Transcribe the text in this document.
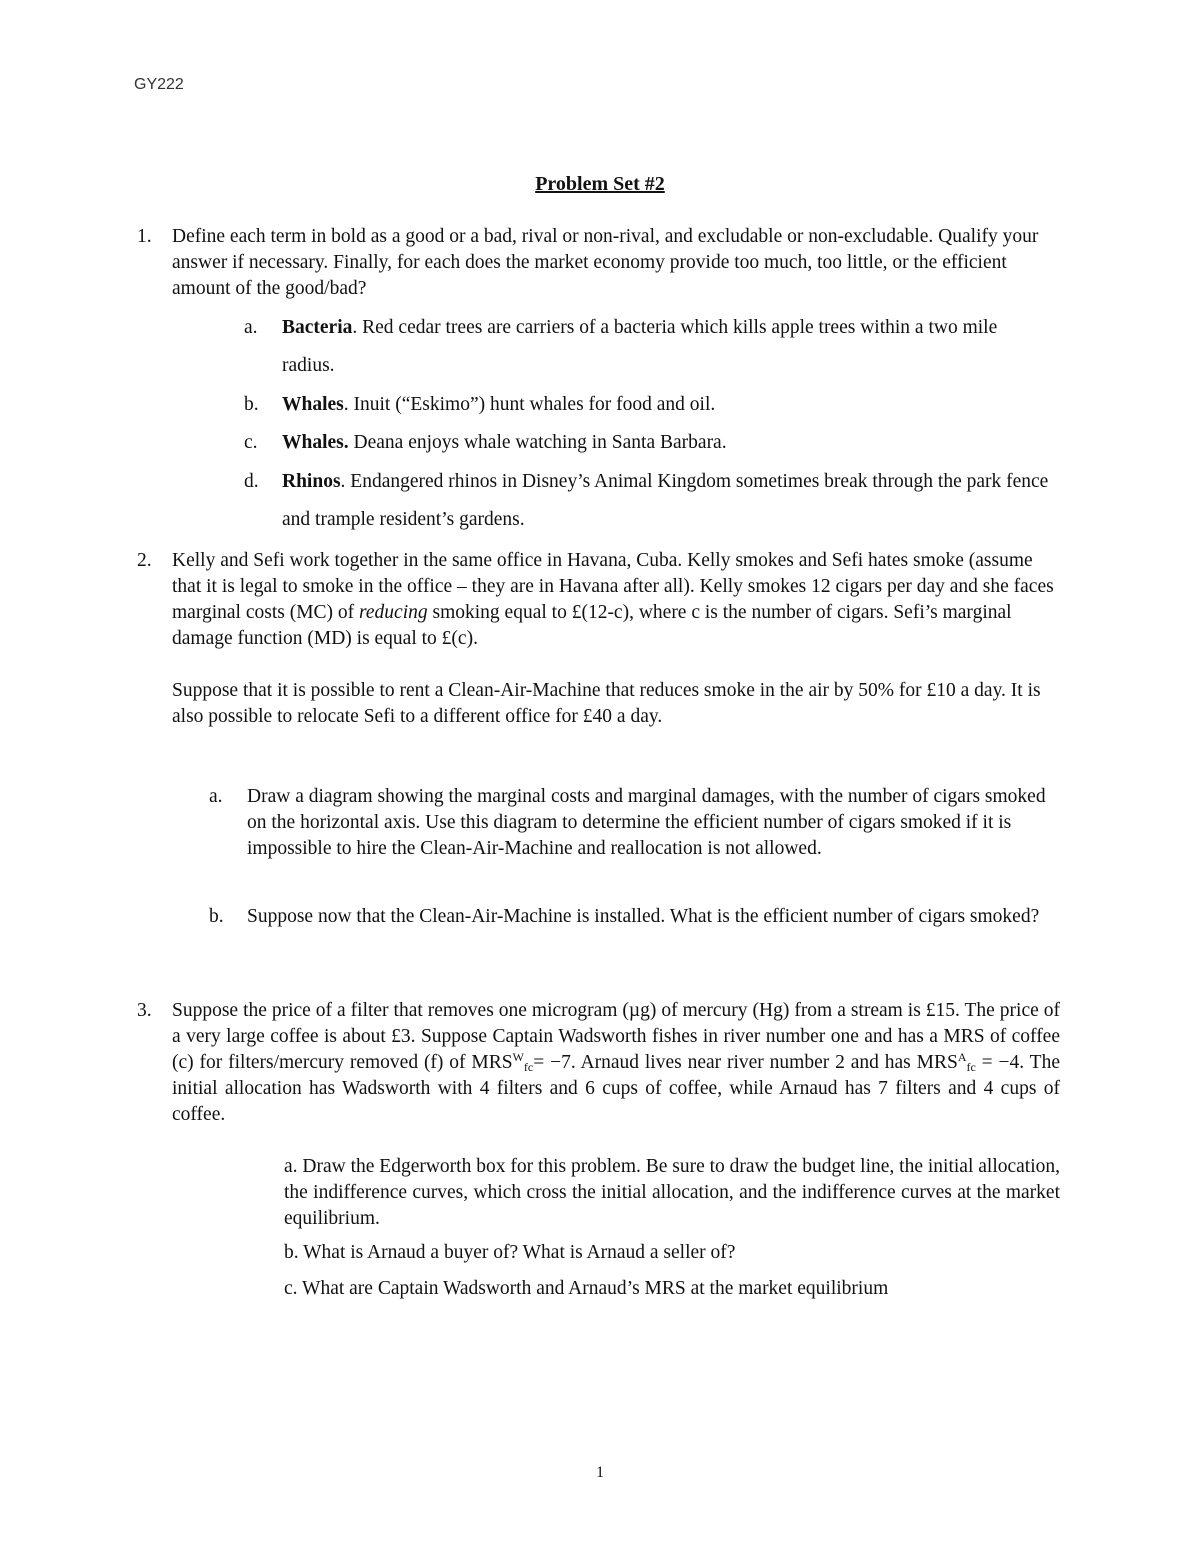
GY222

Problem Set #2
1. Define each term in bold as a good or a bad, rival or non-rival, and excludable or non-excludable. Qualify your answer if necessary. Finally, for each does the market economy provide too much, too little, or the efficient amount of the good/bad?

a. Bacteria. Red cedar trees are carriers of a bacteria which kills apple trees within a two mile radius.

b. Whales. Inuit (“Eskimo”) hunt whales for food and oil.

c. Whales. Deana enjoys whale watching in Santa Barbara.

d. Rhinos. Endangered rhinos in Disney’s Animal Kingdom sometimes break through the park fence and trample resident’s gardens.

2. Kelly and Sefi work together in the same office in Havana, Cuba. Kelly smokes and Sefi hates smoke (assume that it is legal to smoke in the office – they are in Havana after all). Kelly smokes 12 cigars per day and she faces marginal costs (MC) of reducing smoking equal to £(12-c), where c is the number of cigars. Sefi’s marginal damage function (MD) is equal to £(c).

Suppose that it is possible to rent a Clean-Air-Machine that reduces smoke in the air by 50% for £10 a day. It is also possible to relocate Sefi to a different office for £40 a day.

a. Draw a diagram showing the marginal costs and marginal damages, with the number of cigars smoked on the horizontal axis. Use this diagram to determine the efficient number of cigars smoked if it is impossible to hire the Clean-Air-Machine and reallocation is not allowed.

b. Suppose now that the Clean-Air-Machine is installed. What is the efficient number of cigars smoked?

3. Suppose the price of a filter that removes one microgram (µg) of mercury (Hg) from a stream is £15. The price of a very large coffee is about £3. Suppose Captain Wadsworth fishes in river number one and has a MRS of coffee (c) for filters/mercury removed (f) of $MRS^W_{fc}= -7$. Arnaud lives near river number 2 and has $MRS^A_{fc} = -4$. The initial allocation has Wadsworth with 4 filters and 6 cups of coffee, while Arnaud has 7 filters and 4 cups of coffee.

a. Draw the Edgerworth box for this problem. Be sure to draw the budget line, the initial allocation, the indifference curves, which cross the initial allocation, and the indifference curves at the market equilibrium.

b. What is Arnaud a buyer of? What is Arnaud a seller of?

c. What are Captain Wadsworth and Arnaud’s MRS at the market equilibrium

1
